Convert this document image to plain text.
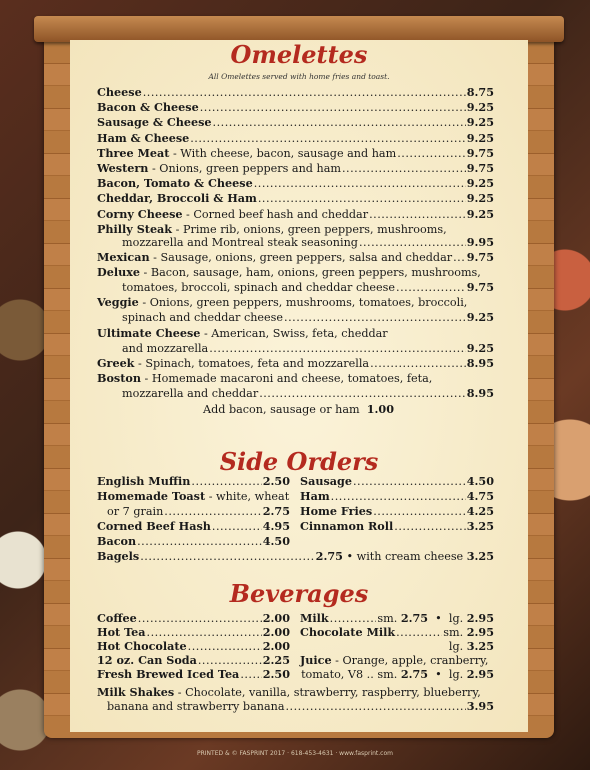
Omelettes
All Omelettes served with home fries and toast.
Philly Steak - Prime rib, onions, green peppers, mushrooms,
mozzarella and Montreal steak seasoning .....	9.95
Mexican - Sausage, onions, green peppers, salsa and cheddar ..... 9.75
Deluxe - Bacon, sausage, ham, onions, green peppers, mushrooms,
tomatoes, broccoli, spinach and cheddar cheese .....	9.75
Veggie - Onions, green peppers, mushrooms, tomatoes, broccoli,
spinach and cheddar cheese .....	9.25
Ultimate Cheese - American, Swiss, feta, cheddar
and mozzarella .....	9.25
Greek - Spinach, tomatoes, feta and mozzarella .....	8.95
Boston - Homemade macaroni and cheese, tomatoes, feta,
mozzarella and cheddar .....	8.95
Add bacon, sausage or ham 1.00
Side Orders
English Muffin .....	2.50
Homemade Toast - white, wheat
or 7 grain .....	2.75
Corned Beef Hash .....	4.95
Bacon .....	4.50
Sausage .....	4.50
Ham .....	4.75
Home Fries .....	4.25
Cinnamon Roll .....	3.25
Bagels .....	2.75 • with cream cheese 3.25
Beverages
Milk .....	sm. 2.75  •  lg. 2.95
Chocolate Milk .....	sm. 2.95
lg. 3.25
Juice - Orange, apple, cranberry,
tomato, V8 .. sm. 2.75  •  lg. 2.95
Milk Shakes - Chocolate, vanilla, strawberry, raspberry, blueberry,
banana and strawberry banana .....	3.95
PRINTED & © FASPRINT 2017 · 618-453-4631 · www.fasprint.com
Cheese .....	8.75
Bacon & Cheese .....	9.25
Sausage & Cheese .....	9.25
Ham & Cheese .....	9.25
Three Meat - With cheese, bacon, sausage and ham .....	9.75
Western - Onions, green peppers and ham .....	9.75
Bacon, Tomato & Cheese .....	9.25
Cheddar, Broccoli & Ham .....	9.25
Corny Cheese - Corned beef hash and cheddar .....	9.25
Coffee .....	2.00
Hot Tea .....	2.00
Hot Chocolate .....	2.00
12 oz. Can Soda .....	2.25
Fresh Brewed Iced Tea ..... 2.50
